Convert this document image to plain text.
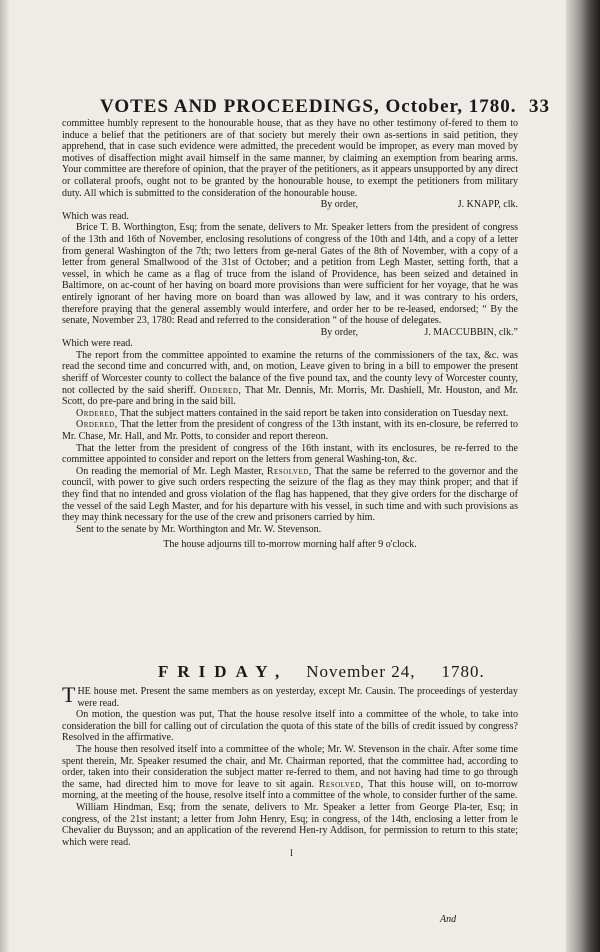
VOTES AND PROCEEDINGS, October, 1780. 33

committee humbly represent to the honourable house, that as they have no other testimony of-fered to them to induce a belief that the petitioners are of that society but merely their own as-sertions in said petition, they apprehend, that in case such evidence were admitted, the precedent would be improper, as every man moved by motives of disaffection might avail himself in the same manner, by claiming an exemption from bearing arms. Your committee are therefore of opinion, that the prayer of the petitioners, as it appears unsupported by any direct or collateral proofs, ought not to be granted by the honourable house, to exempt the petitioners from military duty. All which is submitted to the consideration of the honourable house.

By order,	J. KNAPP, clk.

Which was read.

Brice T. B. Worthington, Esq; from the senate, delivers to Mr. Speaker letters from the president of congress of the 13th and 16th of November, enclosing resolutions of congress of the 10th and 14th, and a copy of a letter from general Washington of the 7th; two letters from ge-neral Gates of the 8th of November, with a copy of a letter from general Smallwood of the 31st of October; and a petition from Legh Master, setting forth, that a vessel, in which he came as a flag of truce from the island of Providence, has been seized and detained in Baltimore, on ac-count of her having on board more provisions than were sufficient for her voyage, that he was entirely ignorant of her having more on board than was allowed by law, and it was contrary to his orders, therefore praying that the general assembly would interfere, and order her to be re-leased, endorsed; “ By the senate, November 23, 1780: Read and referred to the consideration “ of the house of delegates.

By order,	J. MACCUBBIN, clk.”

Which were read.

The report from the committee appointed to examine the returns of the commissioners of the tax, &c. was read the second time and concurred with, and, on motion, Leave given to bring in a bill to empower the present sheriff of Worcester county to collect the balance of the five pound tax, and the county levy of Worcester county, not collected by the said sheriff. Ordered, That Mr. Dennis, Mr. Morris, Mr. Dashiell, Mr. Houston, and Mr. Scott, do pre-pare and bring in the said bill.

Ordered, That the subject matters contained in the said report be taken into consideration on Tuesday next.

Ordered, That the letter from the president of congress of the 13th instant, with its en-closure, be referred to Mr. Chase, Mr. Hall, and Mr. Potts, to consider and report thereon.

That the letter from the president of congress of the 16th instant, with its enclosures, be re-ferred to the committee appointed to consider and report on the letters from general Washing-ton, &c.

On reading the memorial of Mr. Legh Master, Resolved, That the same be referred to the governor and the council, with power to give such orders respecting the seizure of the flag as they may think proper; and that if they find that no intended and gross violation of the flag has happened, that they give orders for the discharge of the vessel of the said Legh Master, and for his departure with his vessel, in such time and with such provisions as they may think necessary for the use of the crew and prisoners carried by him.

Sent to the senate by Mr. Worthington and Mr. W. Stevenson.

The house adjourns till to-morrow morning half after 9 o'clock.

FRIDAY, November 24, 1780.

THE house met. Present the same members as on yesterday, except Mr. Causin. The proceedings of yesterday were read.

On motion, the question was put, That the house resolve itself into a committee of the whole, to take into consideration the bill for calling out of circulation the quota of this state of the bills of credit issued by congress? Resolved in the affirmative.

The house then resolved itself into a committee of the whole; Mr. W. Stevenson in the chair. After some time spent therein, Mr. Speaker resumed the chair, and Mr. Chairman reported, that the committee had, according to order, taken into their consideration the subject matter re-ferred to them, and not having had time to go through the same, had directed him to move for leave to sit again. Resolved, That this house will, on to-morrow morning, at the meeting of the house, resolve itself into a committee of the whole, to consider further of the same.

William Hindman, Esq; from the senate, delivers to Mr. Speaker a letter from George Pla-ter, Esq; in congress, of the 21st instant; a letter from John Henry, Esq; in congress, of the 14th, enclosing a letter from le Chevalier du Buysson; and an application of the reverend Hen-ry Addison, for permission to return to this state; which were read.

I
And
